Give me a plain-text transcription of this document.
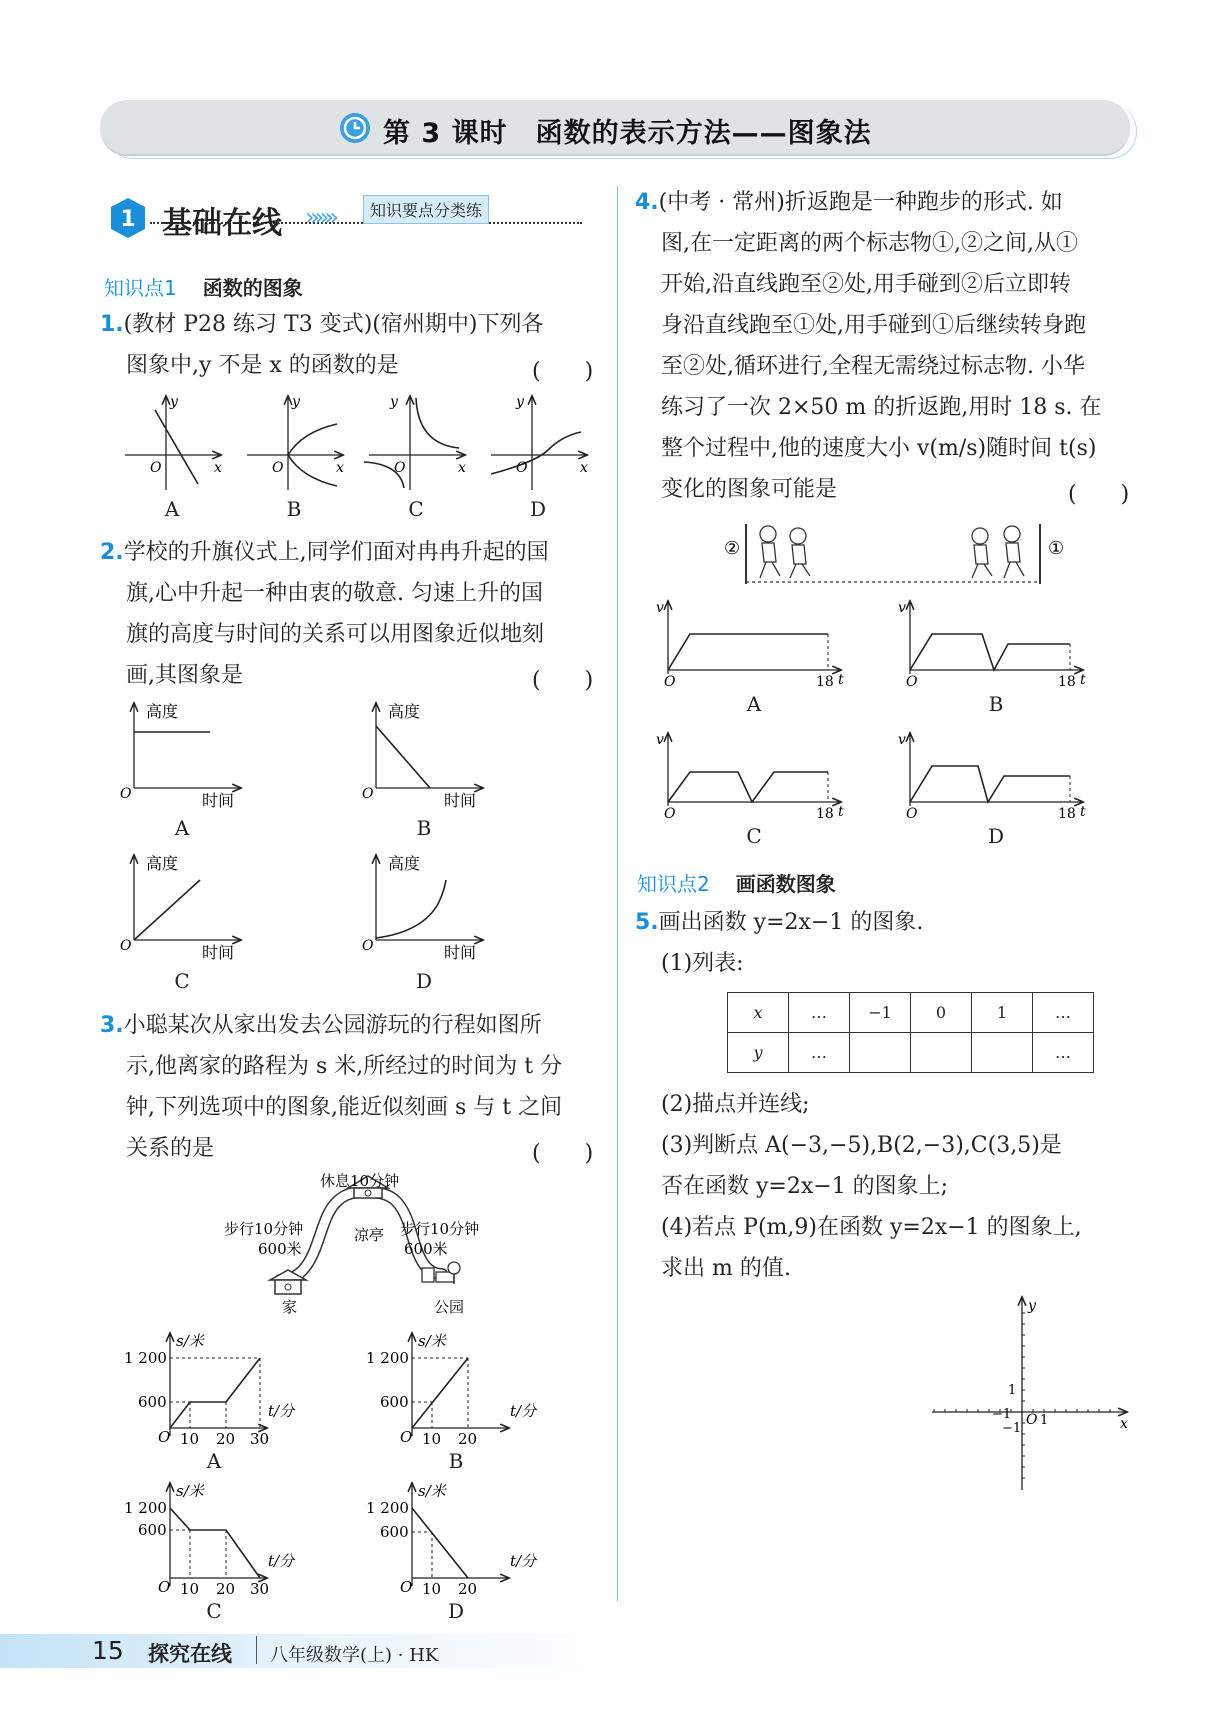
第 3 课时　函数的表示方法——图象法
1 基础在线 »»»	知识要点分类练
知识点1 函数的图象
1.(教材 P28 练习 T3 变式)(宿州期中)下列各
图象中,y 不是 x 的函数的是	(　　)
y
x
O
y
x
O
y
x
O
y
x
O
A	B	C	D
2.学校的升旗仪式上,同学们面对冉冉升起的国
旗,心中升起一种由衷的敬意. 匀速上升的国
旗的高度与时间的关系可以用图象近似地刻
画,其图象是	(　　)
高度
时间
O
高度
时间
O
高度
时间
O
高度
时间
O
A	B
C	D
3.小聪某次从家出发去公园游玩的行程如图所
示,他离家的路程为 s 米,所经过的时间为 t 分
钟,下列选项中的图象,能近似刻画 s 与 t 之间
关系的是	(　　)
休息10分钟
步行10分钟
600米
凉亭 步行10分钟
600米
家	公园
s/米
t/分
O
1 200
600
10 20 30
s/米
t/分
O
1 200
600
10 20
s/米
t/分
O
1 200
600
10 20 30
s/米
t/分
O
1 200
600
10 20
A	B
C	D
4.(中考 · 常州)折返跑是一种跑步的形式. 如
图,在一定距离的两个标志物①,②之间,从①
开始,沿直线跑至②处,用手碰到②后立即转
身沿直线跑至①处,用手碰到①后继续转身跑
至②处,循环进行,全程无需绕过标志物. 小华
练习了一次 2×50 m 的折返跑,用时 18 s. 在
整个过程中,他的速度大小 v(m/s)随时间 t(s)
变化的图象可能是	(　　)
②	①
v
t
O	18
v
t
O	18
v
t
O	18
v
t
O	18
A	B
C	D
知识点2 画函数图象
5.画出函数 y=2x−1 的图象.
(1)列表:
x	…	−1	0	1	…
y	…				…
(2)描点并连线;
(3)判断点 A(−3,−5),B(2,−3),C(3,5)是
否在函数 y=2x−1 的图象上;
(4)若点 P(m,9)在函数 y=2x−1 的图象上,
求出 m 的值.
y
x
1
−1 O 1
−1
15 探究在线 八年级数学(上) · HK
